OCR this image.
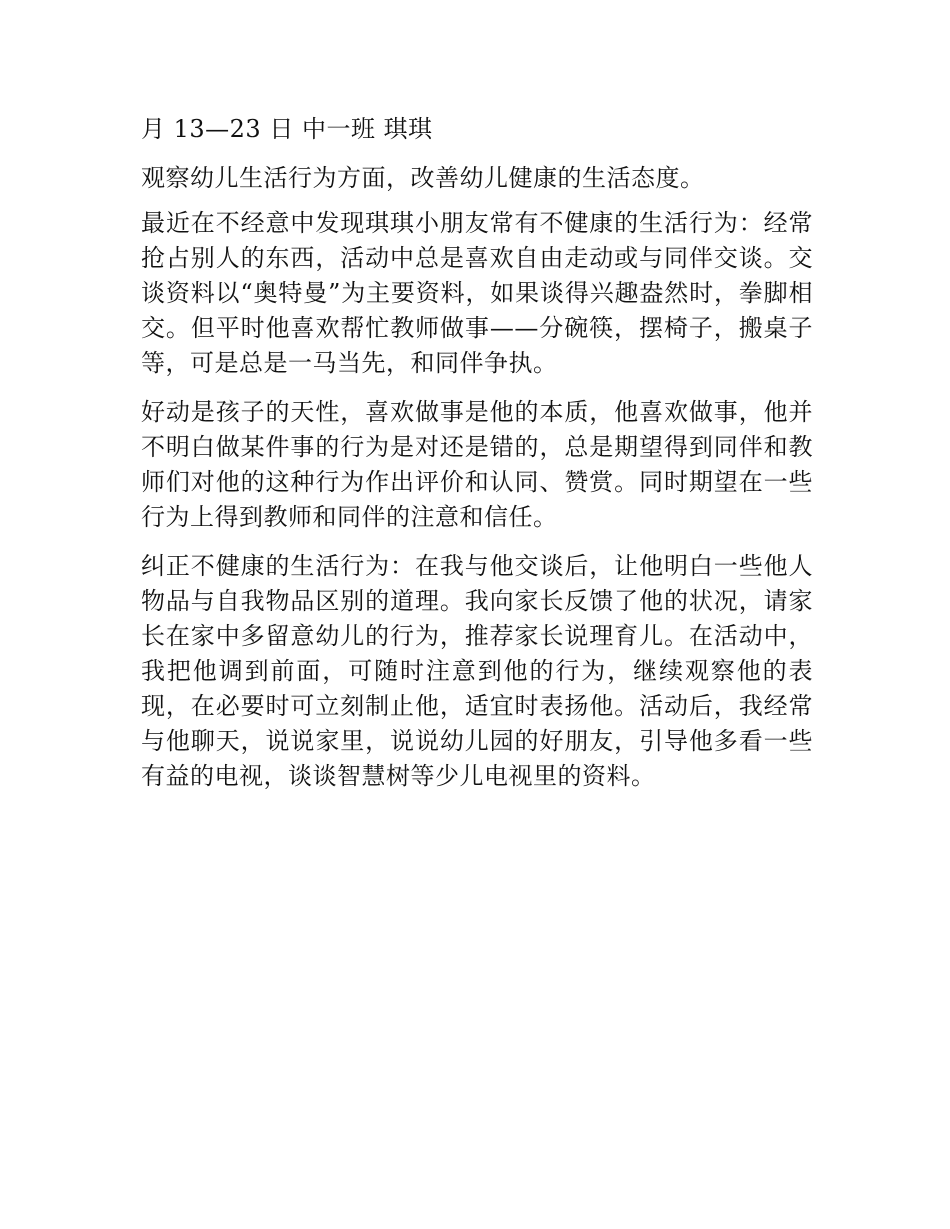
月 13—23 日 中一班 琪琪

观察幼儿生活行为方面，改善幼儿健康的生活态度。

最近在不经意中发现琪琪小朋友常有不健康的生活行为：经常抢占别人的东西，活动中总是喜欢自由走动或与同伴交谈。交谈资料以“奥特曼”为主要资料，如果谈得兴趣盎然时，拳脚相交。但平时他喜欢帮忙教师做事——分碗筷，摆椅子，搬桌子等，可是总是一马当先，和同伴争执。

好动是孩子的天性，喜欢做事是他的本质，他喜欢做事，他并不明白做某件事的行为是对还是错的，总是期望得到同伴和教师们对他的这种行为作出评价和认同、赞赏。同时期望在一些行为上得到教师和同伴的注意和信任。

纠正不健康的生活行为：在我与他交谈后，让他明白一些他人物品与自我物品区别的道理。我向家长反馈了他的状况，请家长在家中多留意幼儿的行为，推荐家长说理育儿。在活动中，我把他调到前面，可随时注意到他的行为，继续观察他的表现，在必要时可立刻制止他，适宜时表扬他。活动后，我经常与他聊天，说说家里，说说幼儿园的好朋友，引导他多看一些有益的电视，谈谈智慧树等少儿电视里的资料。
